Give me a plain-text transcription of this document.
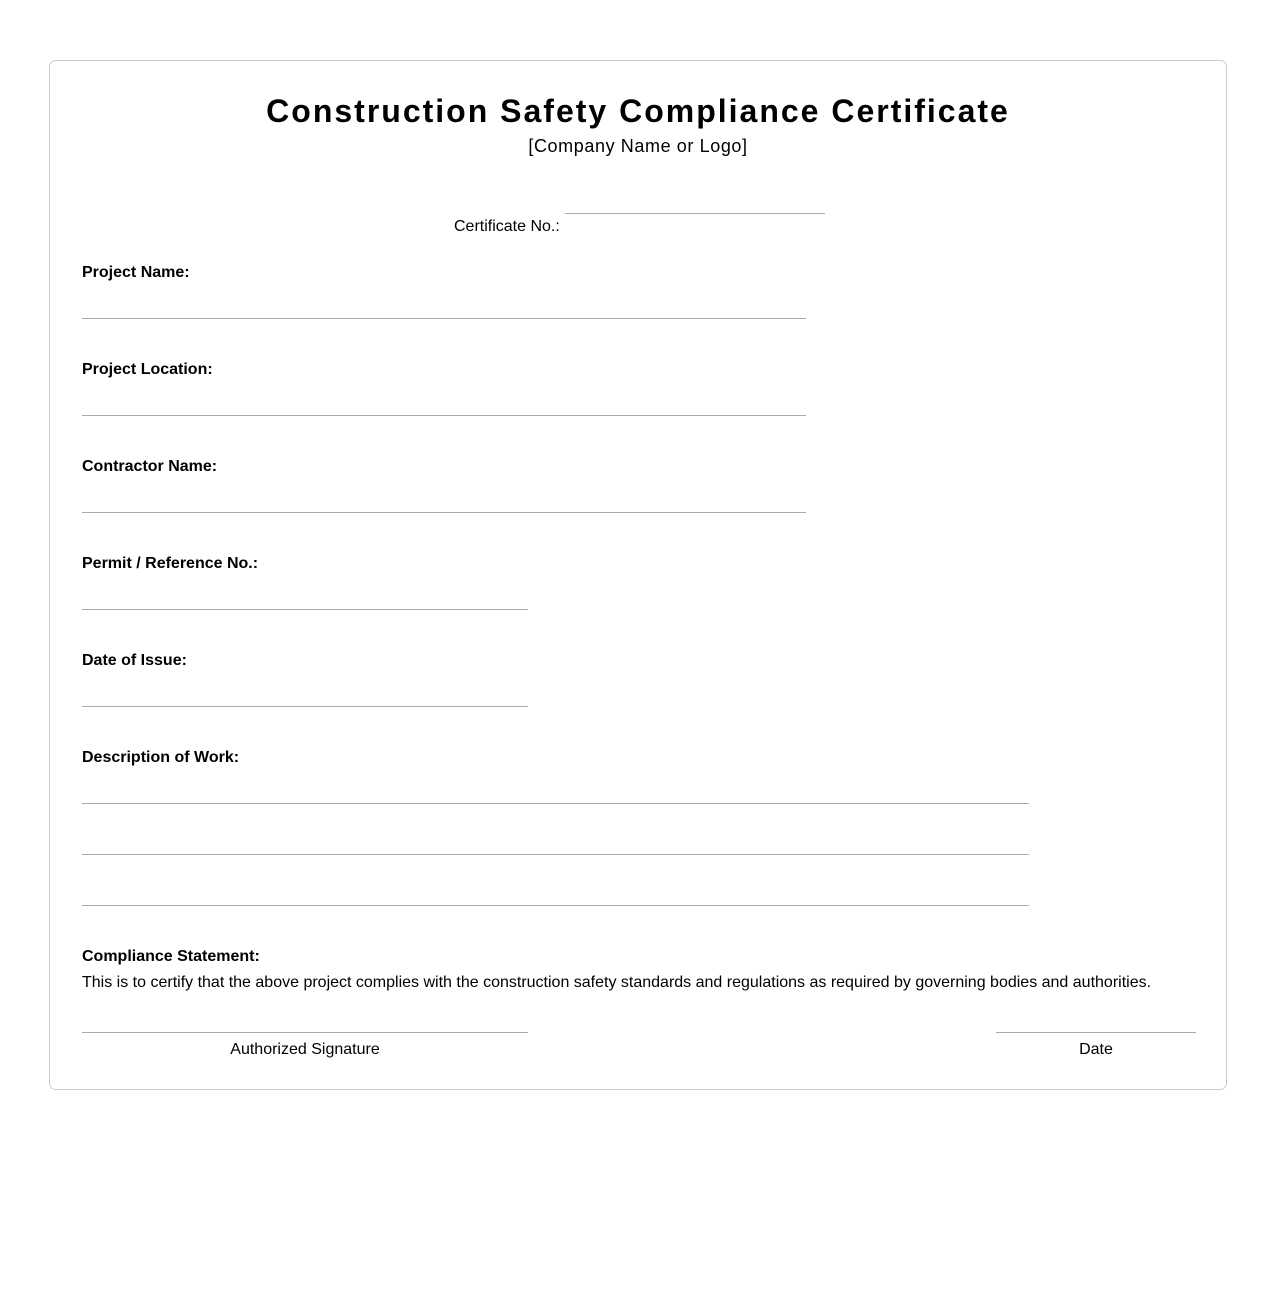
Construction Safety Compliance Certificate
[Company Name or Logo]
Certificate No.:
Project Name:
Project Location:
Contractor Name:
Permit / Reference No.:
Date of Issue:
Description of Work:
Compliance Statement:
This is to certify that the above project complies with the construction safety standards and regulations as required by governing bodies and authorities.
Authorized Signature	Date
